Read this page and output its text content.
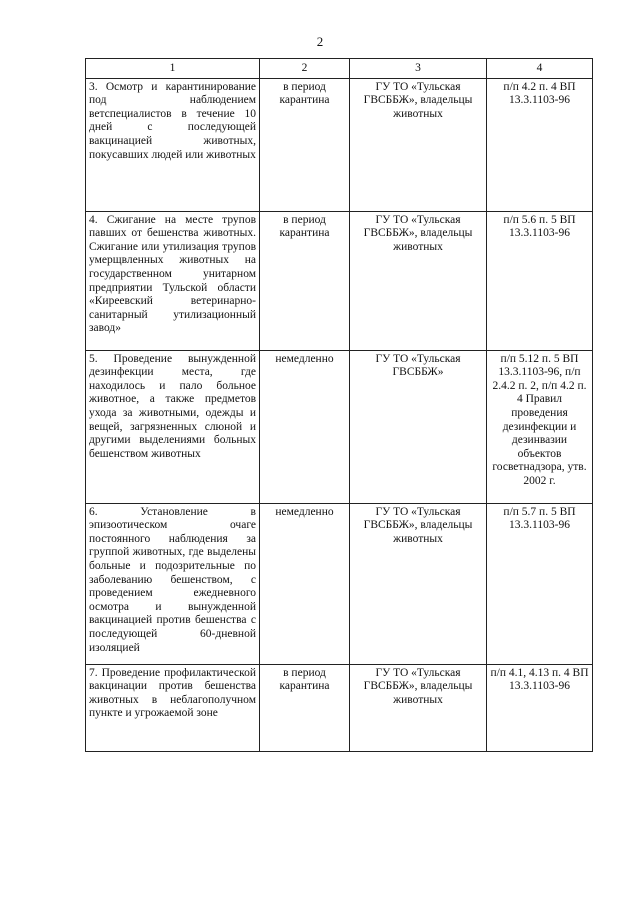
2
1	2	3	4
3. Осмотр и карантинирование под наблюдением ветспециалистов в течение 10 дней с последующей вакцинацией животных, покусавших людей или животных	в период карантина	ГУ ТО «Тульская ГВСББЖ», владельцы животных	п/п 4.2 п. 4 ВП 13.3.1103-96
4. Сжигание на месте трупов павших от бешенства животных. Сжигание или утилизация трупов умерщвленных животных на государственном унитарном предприятии Тульской области «Киреевский ветеринарно-санитарный утилизационный завод»	в период карантина	ГУ ТО «Тульская ГВСББЖ», владельцы животных	п/п 5.6 п. 5 ВП 13.3.1103-96
5. Проведение вынужденной дезинфекции места, где находилось и пало больное животное, а также предметов ухода за животными, одежды и вещей, загрязненных слюной и другими выделениями больных бешенством животных	немедленно	ГУ ТО «Тульская ГВСББЖ»	п/п 5.12 п. 5 ВП 13.3.1103-96, п/п 2.4.2 п. 2, п/п 4.2 п. 4 Правил проведения дезинфекции и дезинвазии объектов госветнадзора, утв. 2002 г.
6. Установление в эпизоотическом очаге постоянного наблюдения за группой животных, где выделены больные и подозрительные по заболеванию бешенством, с проведением ежедневного осмотра и вынужденной вакцинацией против бешенства с последующей 60-дневной изоляцией	немедленно	ГУ ТО «Тульская ГВСББЖ», владельцы животных	п/п 5.7 п. 5 ВП 13.3.1103-96
7. Проведение профилактической вакцинации против бешенства животных в неблагополучном пункте и угрожаемой зоне	в период карантина	ГУ ТО «Тульская ГВСББЖ», владельцы животных	п/п 4.1, 4.13 п. 4 ВП 13.3.1103-96
